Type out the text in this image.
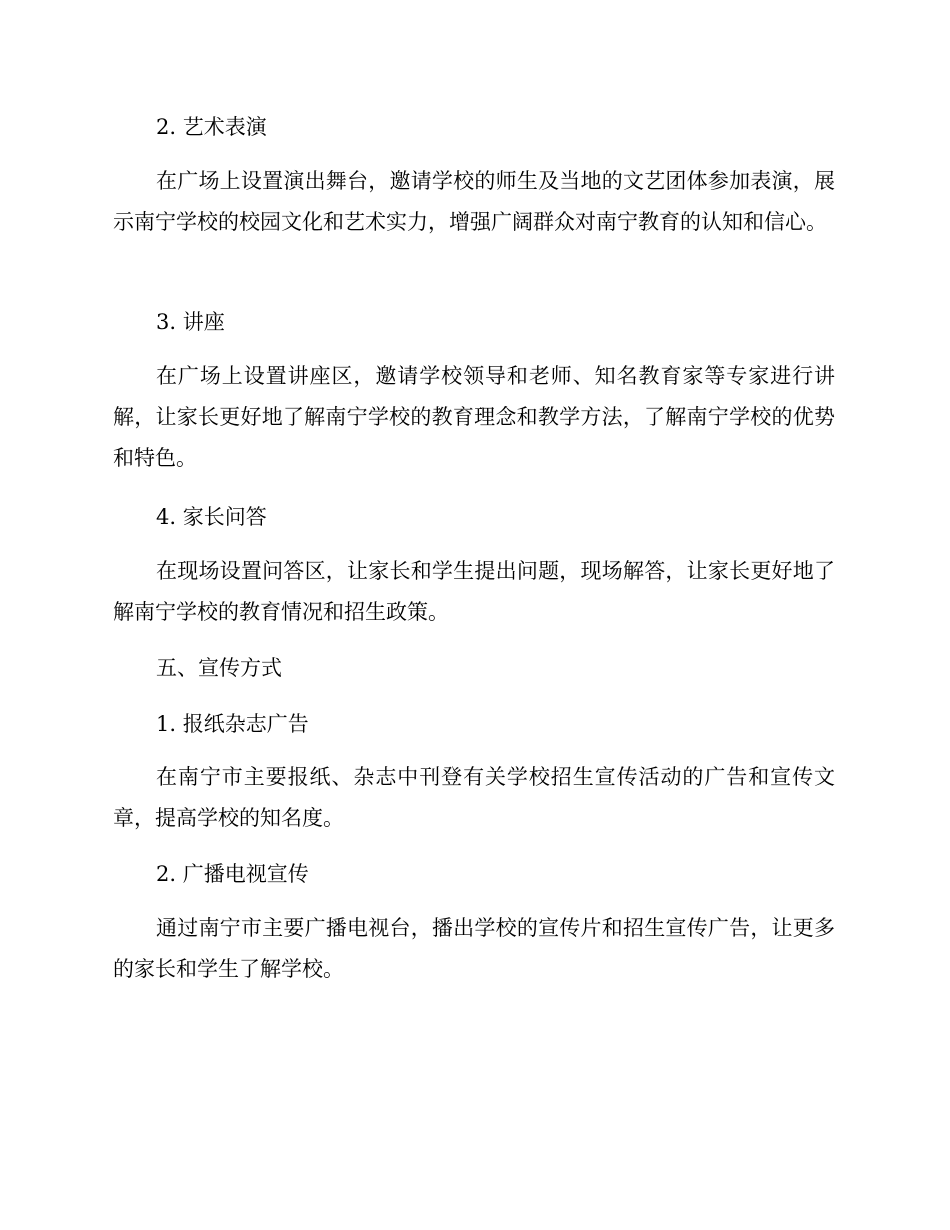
2. 艺术表演

在广场上设置演出舞台，邀请学校的师生及当地的文艺团体参加表演，展示南宁学校的校园文化和艺术实力，增强广阔群众对南宁教育的认知和信心。

3. 讲座

在广场上设置讲座区，邀请学校领导和老师、知名教育家等专家进行讲解，让家长更好地了解南宁学校的教育理念和教学方法，了解南宁学校的优势和特色。

4. 家长问答

在现场设置问答区，让家长和学生提出问题，现场解答，让家长更好地了解南宁学校的教育情况和招生政策。

五、宣传方式
1. 报纸杂志广告

在南宁市主要报纸、杂志中刊登有关学校招生宣传活动的广告和宣传文章，提高学校的知名度。

2. 广播电视宣传

通过南宁市主要广播电视台，播出学校的宣传片和招生宣传广告，让更多的家长和学生了解学校。
